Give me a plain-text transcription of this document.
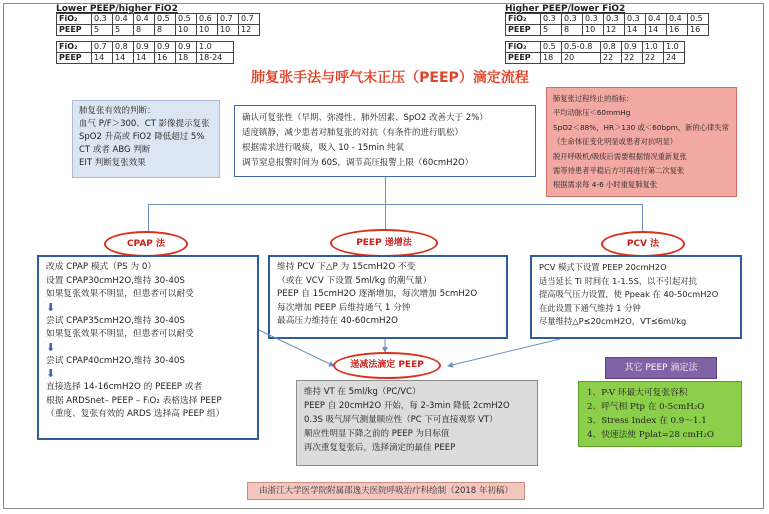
Lower PEEP/higher FiO2
FiO₂	0.3	0.4	0.4	0.5	0.5	0.6	0.7	0.7
PEEP	5	5	8	8	10	10	10	12
FiO₂	0.7	0.8	0.9	0.9	0.9	1.0
PEEP	14	14	14	16	18	18-24
Higher PEEP/lower FiO2
FiO₂	0.3	0.3	0.3	0.3	0.3	0.4	0.4	0.5
PEEP	5	8	10	12	14	14	16	16
FiO₂	0.5	0.5-0.8	0.8	0.9	1.0	1.0
PEEP	18	20	22	22	22	24
肺复张手法与呼气末正压（PEEP）滴定流程
肺复张有效的判断：
血气 P/F＞300、CT 影像提示复张
SpO2 升高或 FiO2 降低超过 5%
CT 或者 ABG 判断
EIT 判断复张效果
确认可复张性（早期、弥漫性、肺外因素、SpO2 改善大于 2%）
适度镇静，减少患者对肺复张的对抗（有条件的进行肌松）
根据需求进行吸痰，吸入 10 - 15min 纯氧
调节窒息报警时间为 60S，调节高压报警上限（60cmH2O）
肺复张过程终止的指标：
平均动脉压＜60mmHg
SpO2＜88%，HR＞130 或＜60bpm，新的心律失常
（生命体征变化明显或患者对抗明显）
脱开呼吸机/吸痰后需要根据情况重新复张
需等待患者平稳后方可再进行第二次复张
根据需求每 4-6 小时重复肺复张
CPAP 法	PEEP 递增法	PCV 法
改成 CPAP 模式（PS 为 0）
设置 CPAP30cmH2O,维持 30-40S
如果复张效果不明显，但患者可以耐受
⬇
尝试 CPAP35cmH2O,维持 30-40S
如果复张效果不明显，但患者可以耐受
⬇
尝试 CPAP40cmH2O,维持 30-40S
⬇
直接选择 14-16cmH2O 的 PEEEP 或者
根据 ARDSnet– PEEP – FᵢO₂ 表格选择 PEEP
（重度、复张有效的 ARDS 选择高 PEEP 组）
维持 PCV 下△P 为 15cmH2O 不变
（或在 VCV 下设置 5ml/kg 的潮气量）
PEEP 自 15cmH2O 逐渐增加，每次增加 5cmH2O
每次增加 PEEP 后维持通气 1 分钟
最高压力维持在 40-60cmH2O
PCV 模式下设置 PEEP 20cmH2O
适当延长 Ti 时间在 1-1.5S，以不引起对抗
提高吸气压力设置，使 Ppeak 在 40-50cmH2O
在此设置下通气维持 1 分钟
尽量维持△P≤20cmH2O，VT≤6ml/kg
递减法滴定 PEEP
维持 VT 在 5ml/kg（PC/VC）
PEEP 自 20cmH2O 开始，每 2-3min 降低 2cmH2O
0.3S 吸气屏气测量顺应性（PC 下可直接观察 VT）
顺应性明显下降之前的 PEEP 为目标值
再次重复复张后，选择滴定的最佳 PEEP
其它 PEEP 滴定法
1、P-V 环最大可复张容积
2、呼气相 Ptp 在 0-5cmH₂O
3、Stress Index 在 0.9～1.1
4、快速法使 Pplat=28 cmH₂O
由浙江大学医学院附属邵逸夫医院呼吸治疗科绘制（2018 年初稿）
